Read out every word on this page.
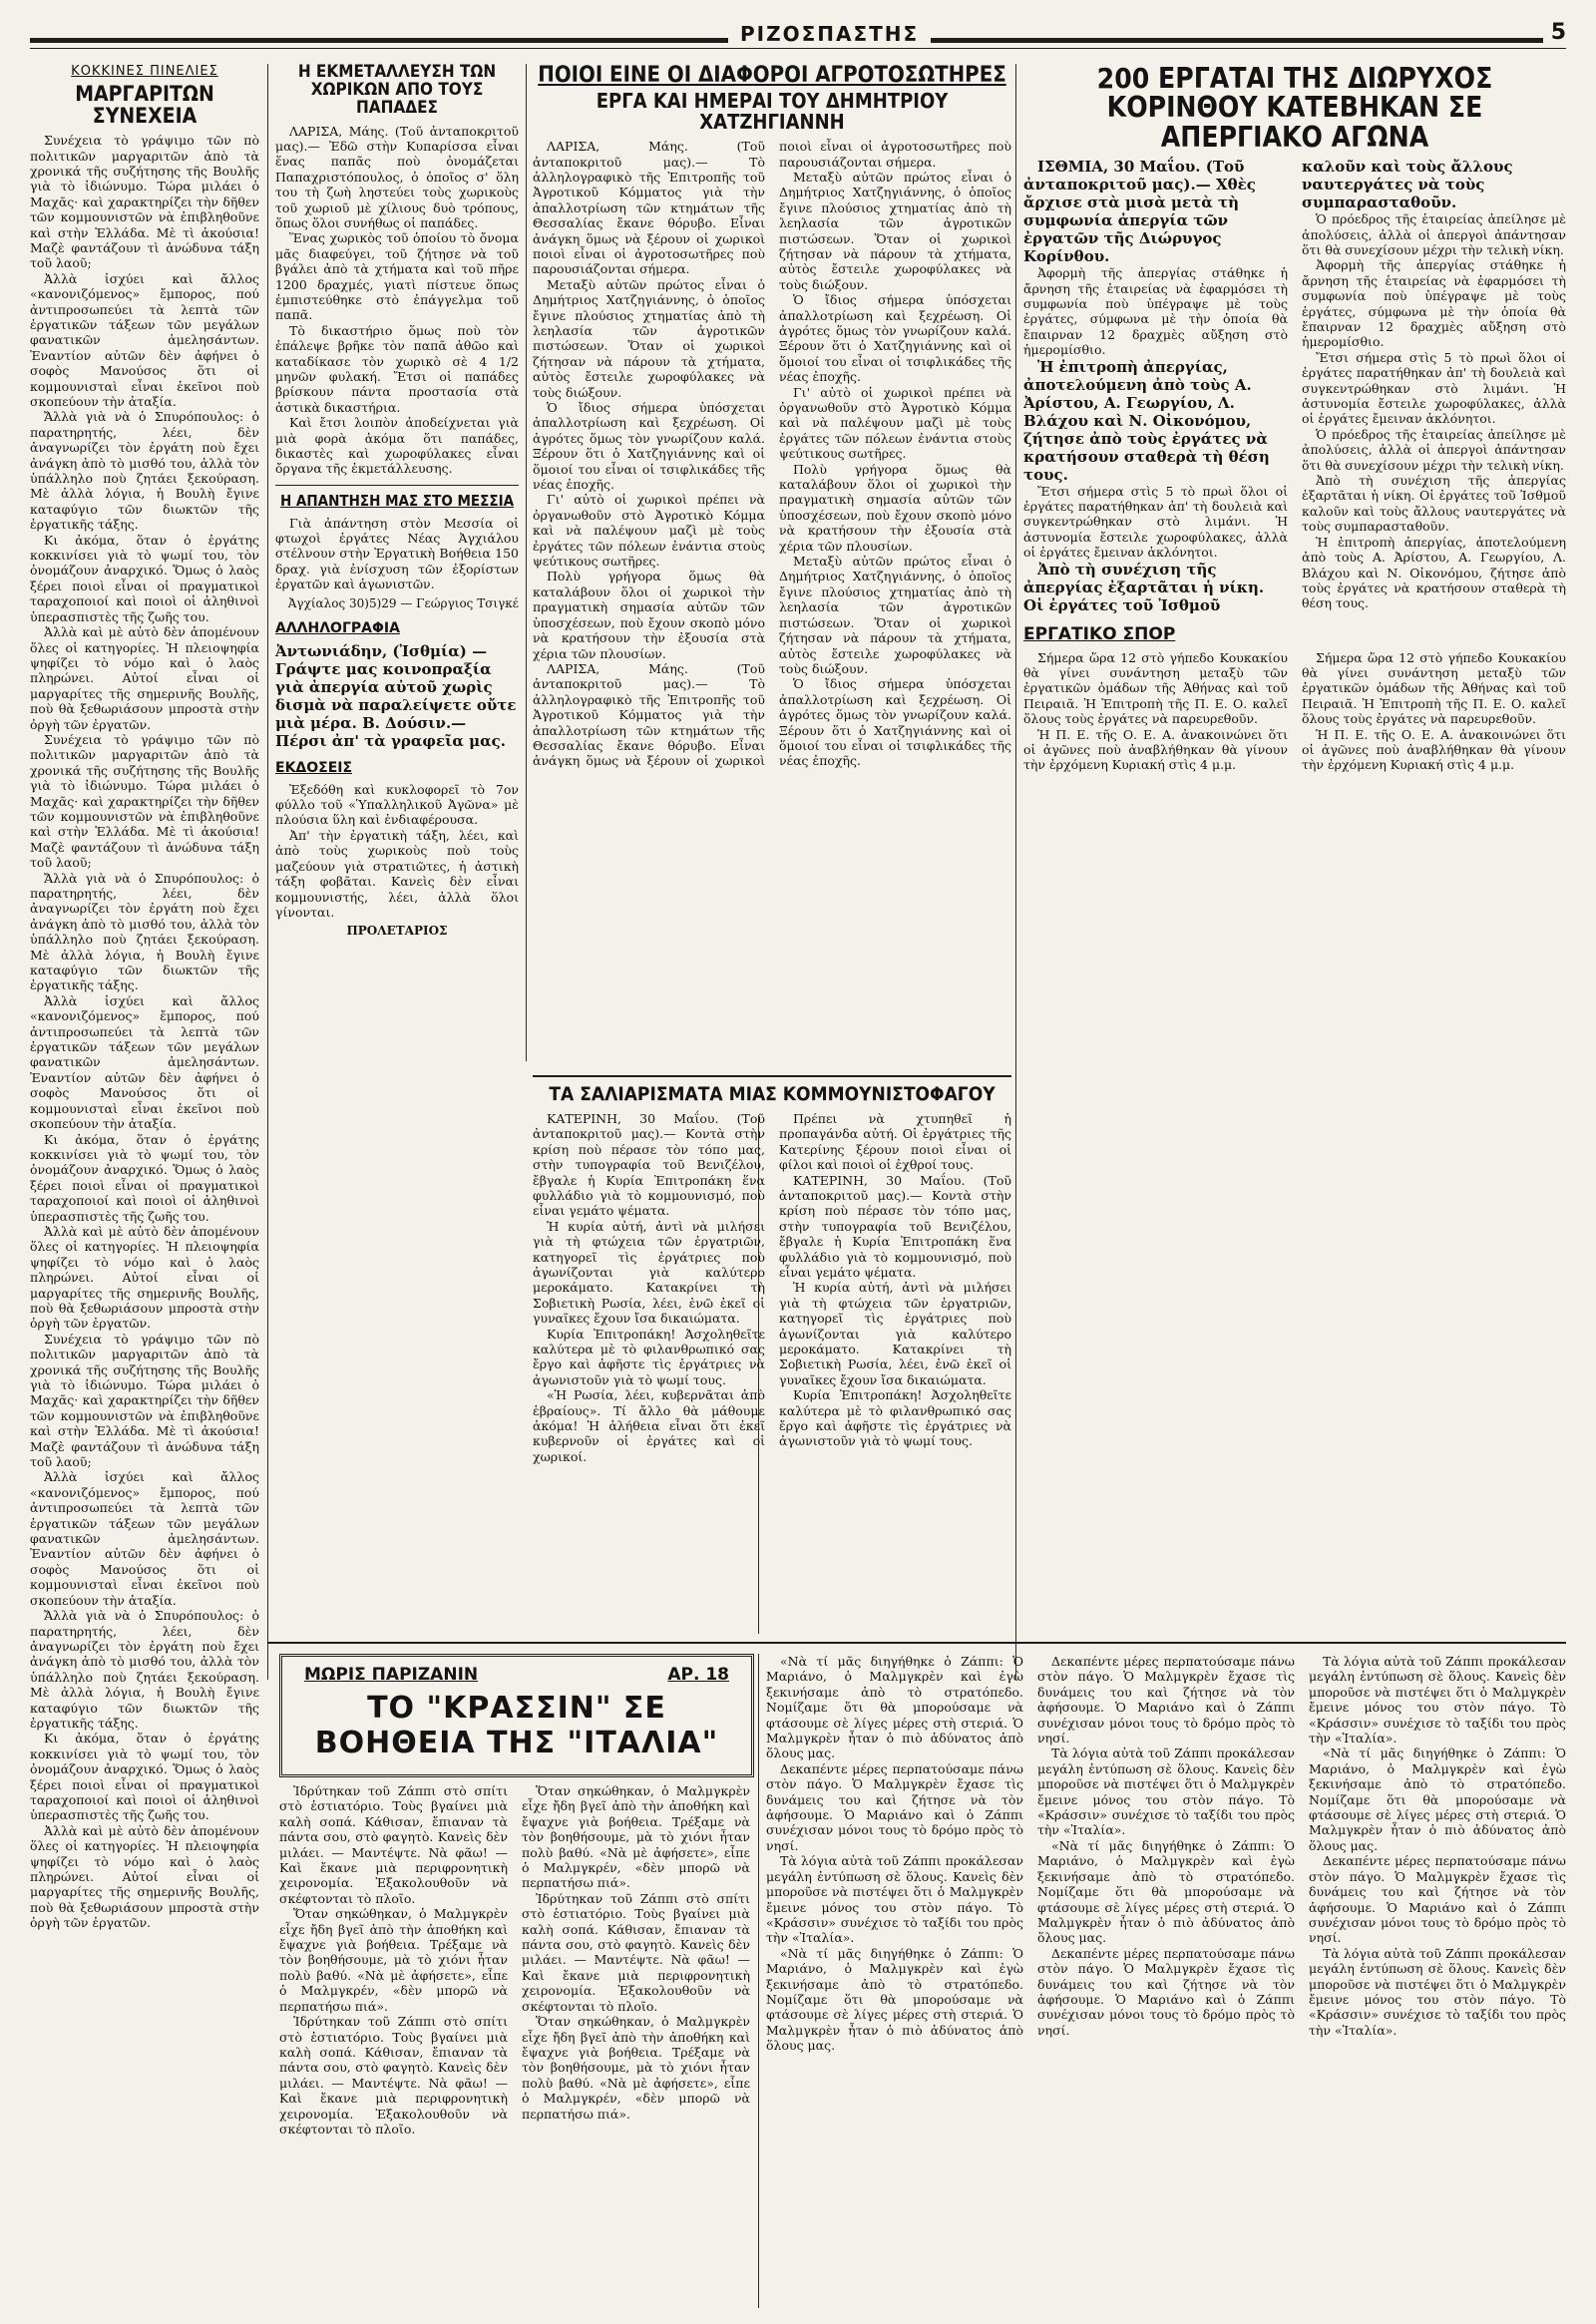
ΡΙΖΟΣΠΑΣΤΗΣ	5
ΚΟΚΚΙΝΕΣ ΠΙΝΕΛΙΕΣ
ΜΑΡΓΑΡΙΤΩΝ ΣΥΝΕΧΕΙΑ

Συνέχεια τὸ γράψιμο τῶν πὸ πολιτικῶν μαργαριτῶν ἀπὸ τὰ χρονικά τῆς συζήτησης τῆς Βουλῆς γιὰ τὸ ἰδιώνυμο. Τώρα μιλάει ὁ Μαχᾶς· καὶ χαρακτηρίζει τὴν δῆθεν τῶν κομμουνιστῶν νὰ ἐπιβληθοῦνε καὶ στὴν Ἑλλάδα. Μὲ τὶ ἀκούσια! Μαζὲ φαντάζουν τὶ ἀνώδυνα τάξη τοῦ λαοῦ;

Ἀλλὰ ἰσχύει καὶ ἄλλος «κανονιζόμενος» ἔμπορος, πού ἀντιπροσωπεύει τὰ λεπτὰ τῶν ἐργατικῶν τάξεων τῶν μεγάλων φανατικῶν ἀμελησάντων. Ἐναντίον αὐτῶν δὲν ἀφήνει ὁ σοφὸς Μανούσος ὅτι οἱ κομμουνισταὶ εἶναι ἐκεῖνοι ποὺ σκοπεύουν τὴν ἀταξία.

Ἄλλὰ γιὰ νὰ ὁ Σπυρόπουλος: ὁ παρατηρητής, λέει, δὲν ἀναγνωρίζει τὸν ἐργάτη ποὺ ἔχει ἀνάγκη ἀπὸ τὸ μισθό του, ἀλλὰ τὸν ὑπάλληλο ποὺ ζητάει ξεκούραση. Μὲ ἀλλὰ λόγια, ἡ Βουλὴ ἔγινε καταφύγιο τῶν διωκτῶν τῆς ἐργατικῆς τάξης.

Κι ἀκόμα, ὅταν ὁ ἐργάτης κοκκινίσει γιὰ τὸ ψωμί του, τὸν ὀνομάζουν ἀναρχικό. Ὅμως ὁ λαὸς ξέρει ποιοὶ εἶναι οἱ πραγματικοὶ ταραχοποιοί καὶ ποιοὶ οἱ ἀληθινοὶ ὑπερασπιστὲς τῆς ζωῆς του.

Ἀλλὰ καὶ μὲ αὐτὸ δὲν ἀπομένουν ὅλες οἱ κατηγορίες. Ἡ πλειοψηφία ψηφίζει τὸ νόμο καὶ ὁ λαὸς πληρώνει. Αὐτοί εἶναι οἱ μαργαρίτες τῆς σημερινῆς Βουλῆς, ποὺ θὰ ξεθωριάσουν μπροστὰ στὴν ὀργὴ τῶν ἐργατῶν.

Συνέχεια τὸ γράψιμο τῶν πὸ πολιτικῶν μαργαριτῶν ἀπὸ τὰ χρονικά τῆς συζήτησης τῆς Βουλῆς γιὰ τὸ ἰδιώνυμο. Τώρα μιλάει ὁ Μαχᾶς· καὶ χαρακτηρίζει τὴν δῆθεν τῶν κομμουνιστῶν νὰ ἐπιβληθοῦνε καὶ στὴν Ἑλλάδα. Μὲ τὶ ἀκούσια! Μαζὲ φαντάζουν τὶ ἀνώδυνα τάξη τοῦ λαοῦ;

Ἄλλὰ γιὰ νὰ ὁ Σπυρόπουλος: ὁ παρατηρητής, λέει, δὲν ἀναγνωρίζει τὸν ἐργάτη ποὺ ἔχει ἀνάγκη ἀπὸ τὸ μισθό του, ἀλλὰ τὸν ὑπάλληλο ποὺ ζητάει ξεκούραση. Μὲ ἀλλὰ λόγια, ἡ Βουλὴ ἔγινε καταφύγιο τῶν διωκτῶν τῆς ἐργατικῆς τάξης.

Ἀλλὰ ἰσχύει καὶ ἄλλος «κανονιζόμενος» ἔμπορος, πού ἀντιπροσωπεύει τὰ λεπτὰ τῶν ἐργατικῶν τάξεων τῶν μεγάλων φανατικῶν ἀμελησάντων. Ἐναντίον αὐτῶν δὲν ἀφήνει ὁ σοφὸς Μανούσος ὅτι οἱ κομμουνισταὶ εἶναι ἐκεῖνοι ποὺ σκοπεύουν τὴν ἀταξία.

Κι ἀκόμα, ὅταν ὁ ἐργάτης κοκκινίσει γιὰ τὸ ψωμί του, τὸν ὀνομάζουν ἀναρχικό. Ὅμως ὁ λαὸς ξέρει ποιοὶ εἶναι οἱ πραγματικοὶ ταραχοποιοί καὶ ποιοὶ οἱ ἀληθινοὶ ὑπερασπιστὲς τῆς ζωῆς του.

Ἀλλὰ καὶ μὲ αὐτὸ δὲν ἀπομένουν ὅλες οἱ κατηγορίες. Ἡ πλειοψηφία ψηφίζει τὸ νόμο καὶ ὁ λαὸς πληρώνει. Αὐτοί εἶναι οἱ μαργαρίτες τῆς σημερινῆς Βουλῆς, ποὺ θὰ ξεθωριάσουν μπροστὰ στὴν ὀργὴ τῶν ἐργατῶν.

Συνέχεια τὸ γράψιμο τῶν πὸ πολιτικῶν μαργαριτῶν ἀπὸ τὰ χρονικά τῆς συζήτησης τῆς Βουλῆς γιὰ τὸ ἰδιώνυμο. Τώρα μιλάει ὁ Μαχᾶς· καὶ χαρακτηρίζει τὴν δῆθεν τῶν κομμουνιστῶν νὰ ἐπιβληθοῦνε καὶ στὴν Ἑλλάδα. Μὲ τὶ ἀκούσια! Μαζὲ φαντάζουν τὶ ἀνώδυνα τάξη τοῦ λαοῦ;

Ἀλλὰ ἰσχύει καὶ ἄλλος «κανονιζόμενος» ἔμπορος, πού ἀντιπροσωπεύει τὰ λεπτὰ τῶν ἐργατικῶν τάξεων τῶν μεγάλων φανατικῶν ἀμελησάντων. Ἐναντίον αὐτῶν δὲν ἀφήνει ὁ σοφὸς Μανούσος ὅτι οἱ κομμουνισταὶ εἶναι ἐκεῖνοι ποὺ σκοπεύουν τὴν ἀταξία.

Ἄλλὰ γιὰ νὰ ὁ Σπυρόπουλος: ὁ παρατηρητής, λέει, δὲν ἀναγνωρίζει τὸν ἐργάτη ποὺ ἔχει ἀνάγκη ἀπὸ τὸ μισθό του, ἀλλὰ τὸν ὑπάλληλο ποὺ ζητάει ξεκούραση. Μὲ ἀλλὰ λόγια, ἡ Βουλὴ ἔγινε καταφύγιο τῶν διωκτῶν τῆς ἐργατικῆς τάξης.

Κι ἀκόμα, ὅταν ὁ ἐργάτης κοκκινίσει γιὰ τὸ ψωμί του, τὸν ὀνομάζουν ἀναρχικό. Ὅμως ὁ λαὸς ξέρει ποιοὶ εἶναι οἱ πραγματικοὶ ταραχοποιοί καὶ ποιοὶ οἱ ἀληθινοὶ ὑπερασπιστὲς τῆς ζωῆς του.

Ἀλλὰ καὶ μὲ αὐτὸ δὲν ἀπομένουν ὅλες οἱ κατηγορίες. Ἡ πλειοψηφία ψηφίζει τὸ νόμο καὶ ὁ λαὸς πληρώνει. Αὐτοί εἶναι οἱ μαργαρίτες τῆς σημερινῆς Βουλῆς, ποὺ θὰ ξεθωριάσουν μπροστὰ στὴν ὀργὴ τῶν ἐργατῶν.

Η ΕΚΜΕΤΑΛΛΕΥΣΗ ΤΩΝ ΧΩΡΙΚΩΝ ΑΠΟ ΤΟΥΣ ΠΑΠΑΔΕΣ

ΛΑΡΙΣΑ, Μάης. (Τοῦ ἀνταποκριτοῦ μας).— Ἐδῶ στὴν Κυπαρίσσα εἶναι ἕνας παπᾶς ποὺ ὀνομάζεται Παπαχριστόπουλος, ὁ ὁποῖος σ' ὅλη του τὴ ζωὴ ληστεύει τοὺς χωρικοὺς τοῦ χωριοῦ μὲ χίλιους δυὸ τρόπους, ὅπως ὅλοι συνήθως οἱ παπάδες.

Ἕνας χωρικὸς τοῦ ὁποίου τὸ ὄνομα μᾶς διαφεύγει, τοῦ ζήτησε νὰ τοῦ βγάλει ἀπὸ τὰ χτήματα καὶ τοῦ πῆρε 1200 δραχμές, γιατὶ πίστευε ὅπως ἐμπιστεύθηκε στὸ ἐπάγγελμα τοῦ παπᾶ.

Τὸ δικαστήριο ὅμως ποὺ τὸν ἐπάλεψε βρῆκε τὸν παπᾶ ἀθῶο καὶ καταδίκασε τὸν χωρικὸ σὲ 4 1/2 μηνῶν φυλακή. Ἔτσι οἱ παπάδες βρίσκουν πάντα προστασία στὰ ἀστικὰ δικαστήρια.

Καὶ ἔτσι λοιπὸν ἀποδείχνεται γιὰ μιὰ φορὰ ἀκόμα ὅτι παπάδες, δικαστὲς καὶ χωροφύλακες εἶναι ὄργανα τῆς ἐκμετάλλευσης.

Η ΑΠΑΝΤΗΣΗ ΜΑΣ ΣΤΟ ΜΕΣΣΙΑ

Γιὰ ἀπάντηση στὸν Μεσσία οἱ φτωχοὶ ἐργάτες Νέας Ἀγχιάλου στέλνουν στὴν Ἐργατικὴ Βοήθεια 150 δραχ. γιὰ ἐνίσχυση τῶν ἐξορίστων ἐργατῶν καὶ ἀγωνιστῶν.

Ἀγχίαλος 30)5)29 — Γεώργιος Τσιγκέ
ΑΛΛΗΛΟΓΡΑΦΙΑ
Ἀντωνιάδην, (Ἰσθμία) — Γράψτε μας κοινοπραξία γιὰ ἀπεργία αὐτοῦ χωρὶς δισμὰ νὰ παραλείψετε οὔτε μιὰ μέρα. Β. Δούσιν.— Πέρσι ἀπ' τὰ γραφεῖα μας.
ΕΚΔΟΣΕΙΣ

Ἐξεδόθη καὶ κυκλοφορεῖ τὸ 7ον φύλλο τοῦ «Ὑπαλληλικοῦ Ἀγῶνα» μὲ πλούσια ὕλη καὶ ἐνδιαφέρουσα.

Ἀπ' τὴν ἐργατικὴ τάξη, λέει, καὶ ἀπὸ τοὺς χωρικοὺς ποὺ τοὺς μαζεύουν γιὰ στρατιῶτες, ἡ ἀστικὴ τάξη φοβᾶται. Κανεὶς δὲν εἶναι κομμουνιστής, λέει, ἀλλὰ ὅλοι γίνονται.

ΠΡΟΛΕΤΑΡΙΟΣ
ΠΟΙΟΙ ΕΙΝΕ ΟΙ ΔΙΑΦΟΡΟΙ ΑΓΡΟΤΟΣΩΤΗΡΕΣ
ΕΡΓΑ ΚΑΙ ΗΜΕΡΑΙ ΤΟΥ ΔΗΜΗΤΡΙΟΥ ΧΑΤΖΗΓΙΑΝΝΗ

ΛΑΡΙΣΑ, Μάης. (Τοῦ ἀνταποκριτοῦ μας).— Τὸ ἀλληλογραφικὸ τῆς Ἐπιτροπῆς τοῦ Ἀγροτικοῦ Κόμματος γιὰ τὴν ἀπαλλοτρίωση τῶν κτημάτων τῆς Θεσσαλίας ἔκανε θόρυβο. Εἶναι ἀνάγκη ὅμως νὰ ξέρουν οἱ χωρικοὶ ποιοὶ εἶναι οἱ ἀγροτοσωτῆρες ποὺ παρουσιάζονται σήμερα.

Μεταξὺ αὐτῶν πρώτος εἶναι ὁ Δημήτριος Χατζηγιάννης, ὁ ὁποῖος ἔγινε πλούσιος χτηματίας ἀπὸ τὴ λεηλασία τῶν ἀγροτικῶν πιστώσεων. Ὅταν οἱ χωρικοὶ ζήτησαν νὰ πάρουν τὰ χτήματα, αὐτὸς ἔστειλε χωροφύλακες νὰ τοὺς διώξουν.

Ὁ ἴδιος σήμερα ὑπόσχεται ἀπαλλοτρίωση καὶ ξεχρέωση. Οἱ ἀγρότες ὅμως τὸν γνωρίζουν καλά. Ξέρουν ὅτι ὁ Χατζηγιάννης καὶ οἱ ὅμοιοί του εἶναι οἱ τσιφλικάδες τῆς νέας ἐποχῆς.

Γι' αὐτὸ οἱ χωρικοὶ πρέπει νὰ ὀργανωθοῦν στὸ Ἀγροτικὸ Κόμμα καὶ νὰ παλέψουν μαζὶ μὲ τοὺς ἐργάτες τῶν πόλεων ἐνάντια στοὺς ψεύτικους σωτῆρες.

Πολὺ γρήγορα ὅμως θὰ καταλάβουν ὅλοι οἱ χωρικοὶ τὴν πραγματικὴ σημασία αὐτῶν τῶν ὑποσχέσεων, ποὺ ἔχουν σκοπὸ μόνο νὰ κρατήσουν τὴν ἐξουσία στὰ χέρια τῶν πλουσίων.

ΛΑΡΙΣΑ, Μάης. (Τοῦ ἀνταποκριτοῦ μας).— Τὸ ἀλληλογραφικὸ τῆς Ἐπιτροπῆς τοῦ Ἀγροτικοῦ Κόμματος γιὰ τὴν ἀπαλλοτρίωση τῶν κτημάτων τῆς Θεσσαλίας ἔκανε θόρυβο. Εἶναι ἀνάγκη ὅμως νὰ ξέρουν οἱ χωρικοὶ ποιοὶ εἶναι οἱ ἀγροτοσωτῆρες ποὺ παρουσιάζονται σήμερα.

Μεταξὺ αὐτῶν πρώτος εἶναι ὁ Δημήτριος Χατζηγιάννης, ὁ ὁποῖος ἔγινε πλούσιος χτηματίας ἀπὸ τὴ λεηλασία τῶν ἀγροτικῶν πιστώσεων. Ὅταν οἱ χωρικοὶ ζήτησαν νὰ πάρουν τὰ χτήματα, αὐτὸς ἔστειλε χωροφύλακες νὰ τοὺς διώξουν.

Ὁ ἴδιος σήμερα ὑπόσχεται ἀπαλλοτρίωση καὶ ξεχρέωση. Οἱ ἀγρότες ὅμως τὸν γνωρίζουν καλά. Ξέρουν ὅτι ὁ Χατζηγιάννης καὶ οἱ ὅμοιοί του εἶναι οἱ τσιφλικάδες τῆς νέας ἐποχῆς.

Γι' αὐτὸ οἱ χωρικοὶ πρέπει νὰ ὀργανωθοῦν στὸ Ἀγροτικὸ Κόμμα καὶ νὰ παλέψουν μαζὶ μὲ τοὺς ἐργάτες τῶν πόλεων ἐνάντια στοὺς ψεύτικους σωτῆρες.

Πολὺ γρήγορα ὅμως θὰ καταλάβουν ὅλοι οἱ χωρικοὶ τὴν πραγματικὴ σημασία αὐτῶν τῶν ὑποσχέσεων, ποὺ ἔχουν σκοπὸ μόνο νὰ κρατήσουν τὴν ἐξουσία στὰ χέρια τῶν πλουσίων.

Μεταξὺ αὐτῶν πρώτος εἶναι ὁ Δημήτριος Χατζηγιάννης, ὁ ὁποῖος ἔγινε πλούσιος χτηματίας ἀπὸ τὴ λεηλασία τῶν ἀγροτικῶν πιστώσεων. Ὅταν οἱ χωρικοὶ ζήτησαν νὰ πάρουν τὰ χτήματα, αὐτὸς ἔστειλε χωροφύλακες νὰ τοὺς διώξουν.

Ὁ ἴδιος σήμερα ὑπόσχεται ἀπαλλοτρίωση καὶ ξεχρέωση. Οἱ ἀγρότες ὅμως τὸν γνωρίζουν καλά. Ξέρουν ὅτι ὁ Χατζηγιάννης καὶ οἱ ὅμοιοί του εἶναι οἱ τσιφλικάδες τῆς νέας ἐποχῆς.

ΤΑ ΣΑΛΙΑΡΙΣΜΑΤΑ ΜΙΑΣ ΚΟΜΜΟΥΝΙΣΤΟΦΑΓΟΥ

ΚΑΤΕΡΙΝΗ, 30 Μαΐου. (Τοῦ ἀνταποκριτοῦ μας).— Κοντὰ στὴν κρίση ποὺ πέρασε τὸν τόπο μας, στὴν τυπογραφία τοῦ Βενιζέλου, ἔβγαλε ἡ Κυρία Ἐπιτροπάκη ἕνα φυλλάδιο γιὰ τὸ κομμουνισμό, ποὺ εἶναι γεμάτο ψέματα.

Ἡ κυρία αὐτή, ἀντὶ νὰ μιλήσει γιὰ τὴ φτώχεια τῶν ἐργατριῶν, κατηγορεῖ τὶς ἐργάτριες ποὺ ἀγωνίζονται γιὰ καλύτερο μεροκάματο. Κατακρίνει τὴ Σοβιετικὴ Ρωσία, λέει, ἐνῶ ἐκεῖ οἱ γυναῖκες ἔχουν ἴσα δικαιώματα.

Κυρία Ἐπιτροπάκη! Ἀσχοληθεῖτε καλύτερα μὲ τὸ φιλανθρωπικό σας ἔργο καὶ ἀφῆστε τὶς ἐργάτριες νὰ ἀγωνιστοῦν γιὰ τὸ ψωμί τους.

«Ἡ Ρωσία, λέει, κυβερνᾶται ἀπὸ ἑβραίους». Τί ἄλλο θὰ μάθουμε ἀκόμα! Ἡ ἀλήθεια εἶναι ὅτι ἐκεῖ κυβερνοῦν οἱ ἐργάτες καὶ οἱ χωρικοί.

Πρέπει νὰ χτυπηθεῖ ἡ προπαγάνδα αὐτή. Οἱ ἐργάτριες τῆς Κατερίνης ξέρουν ποιοὶ εἶναι οἱ φίλοι καὶ ποιοὶ οἱ ἐχθροί τους.

ΚΑΤΕΡΙΝΗ, 30 Μαΐου. (Τοῦ ἀνταποκριτοῦ μας).— Κοντὰ στὴν κρίση ποὺ πέρασε τὸν τόπο μας, στὴν τυπογραφία τοῦ Βενιζέλου, ἔβγαλε ἡ Κυρία Ἐπιτροπάκη ἕνα φυλλάδιο γιὰ τὸ κομμουνισμό, ποὺ εἶναι γεμάτο ψέματα.

Ἡ κυρία αὐτή, ἀντὶ νὰ μιλήσει γιὰ τὴ φτώχεια τῶν ἐργατριῶν, κατηγορεῖ τὶς ἐργάτριες ποὺ ἀγωνίζονται γιὰ καλύτερο μεροκάματο. Κατακρίνει τὴ Σοβιετικὴ Ρωσία, λέει, ἐνῶ ἐκεῖ οἱ γυναῖκες ἔχουν ἴσα δικαιώματα.

Κυρία Ἐπιτροπάκη! Ἀσχοληθεῖτε καλύτερα μὲ τὸ φιλανθρωπικό σας ἔργο καὶ ἀφῆστε τὶς ἐργάτριες νὰ ἀγωνιστοῦν γιὰ τὸ ψωμί τους.

200 ΕΡΓΑΤΑΙ ΤΗΣ ΔΙΩΡΥΧΟΣ ΚΟΡΙΝΘΟΥ ΚΑΤΕΒΗΚΑΝ ΣΕ ΑΠΕΡΓΙΑΚΟ ΑΓΩΝΑ

ΙΣΘΜΙΑ, 30 Μαΐου. (Τοῦ ἀνταποκριτοῦ μας).— Χθὲς ἄρχισε στὰ μισὰ μετὰ τὴ συμφωνία ἀπεργία τῶν ἐργατῶν τῆς Διώρυγος Κορίνθου.

Ἀφορμὴ τῆς ἀπεργίας στάθηκε ἡ ἄρνηση τῆς ἑταιρείας νὰ ἐφαρμόσει τὴ συμφωνία ποὺ ὑπέγραψε μὲ τοὺς ἐργάτες, σύμφωνα μὲ τὴν ὁποία θὰ ἔπαιρναν 12 δραχμὲς αὔξηση στὸ ἡμερομίσθιο.

Ἡ ἐπιτροπὴ ἀπεργίας, ἀποτελούμενη ἀπὸ τοὺς Α. Ἀρίστου, Α. Γεωργίου, Λ. Βλάχου καὶ Ν. Οἰκονόμου, ζήτησε ἀπὸ τοὺς ἐργάτες νὰ κρατήσουν σταθερὰ τὴ θέση τους.

Ἔτσι σήμερα στὶς 5 τὸ πρωὶ ὅλοι οἱ ἐργάτες παρατήθηκαν ἀπ' τὴ δουλειὰ καὶ συγκεντρώθηκαν στὸ λιμάνι. Ἡ ἀστυνομία ἔστειλε χωροφύλακες, ἀλλὰ οἱ ἐργάτες ἔμειναν ἀκλόνητοι.

Ἀπὸ τὴ συνέχιση τῆς ἀπεργίας ἐξαρτᾶται ἡ νίκη. Οἱ ἐργάτες τοῦ Ἰσθμοῦ καλοῦν καὶ τοὺς ἄλλους ναυτεργάτες νὰ τοὺς συμπαρασταθοῦν.

Ὁ πρόεδρος τῆς ἑταιρείας ἀπείλησε μὲ ἀπολύσεις, ἀλλὰ οἱ ἀπεργοὶ ἀπάντησαν ὅτι θὰ συνεχίσουν μέχρι τὴν τελικὴ νίκη.

Ἀφορμὴ τῆς ἀπεργίας στάθηκε ἡ ἄρνηση τῆς ἑταιρείας νὰ ἐφαρμόσει τὴ συμφωνία ποὺ ὑπέγραψε μὲ τοὺς ἐργάτες, σύμφωνα μὲ τὴν ὁποία θὰ ἔπαιρναν 12 δραχμὲς αὔξηση στὸ ἡμερομίσθιο.

Ἔτσι σήμερα στὶς 5 τὸ πρωὶ ὅλοι οἱ ἐργάτες παρατήθηκαν ἀπ' τὴ δουλειὰ καὶ συγκεντρώθηκαν στὸ λιμάνι. Ἡ ἀστυνομία ἔστειλε χωροφύλακες, ἀλλὰ οἱ ἐργάτες ἔμειναν ἀκλόνητοι.

Ὁ πρόεδρος τῆς ἑταιρείας ἀπείλησε μὲ ἀπολύσεις, ἀλλὰ οἱ ἀπεργοὶ ἀπάντησαν ὅτι θὰ συνεχίσουν μέχρι τὴν τελικὴ νίκη.

Ἀπὸ τὴ συνέχιση τῆς ἀπεργίας ἐξαρτᾶται ἡ νίκη. Οἱ ἐργάτες τοῦ Ἰσθμοῦ καλοῦν καὶ τοὺς ἄλλους ναυτεργάτες νὰ τοὺς συμπαρασταθοῦν.

Ἡ ἐπιτροπὴ ἀπεργίας, ἀποτελούμενη ἀπὸ τοὺς Α. Ἀρίστου, Α. Γεωργίου, Λ. Βλάχου καὶ Ν. Οἰκονόμου, ζήτησε ἀπὸ τοὺς ἐργάτες νὰ κρατήσουν σταθερὰ τὴ θέση τους.

ΕΡΓΑΤΙΚΟ ΣΠΟΡ

Σήμερα ὥρα 12 στὸ γήπεδο Κουκακίου θὰ γίνει συνάντηση μεταξὺ τῶν ἐργατικῶν ὁμάδων τῆς Ἀθήνας καὶ τοῦ Πειραιᾶ. Ἡ Ἐπιτροπὴ τῆς Π. Ε. Ο. καλεῖ ὅλους τοὺς ἐργάτες νὰ παρευρεθοῦν.

Ἡ Π. Ε. τῆς Ο. Ε. Α. ἀνακοινώνει ὅτι οἱ ἀγῶνες ποὺ ἀναβλήθηκαν θὰ γίνουν τὴν ἐρχόμενη Κυριακή στὶς 4 μ.μ.

Σήμερα ὥρα 12 στὸ γήπεδο Κουκακίου θὰ γίνει συνάντηση μεταξὺ τῶν ἐργατικῶν ὁμάδων τῆς Ἀθήνας καὶ τοῦ Πειραιᾶ. Ἡ Ἐπιτροπὴ τῆς Π. Ε. Ο. καλεῖ ὅλους τοὺς ἐργάτες νὰ παρευρεθοῦν.

Ἡ Π. Ε. τῆς Ο. Ε. Α. ἀνακοινώνει ὅτι οἱ ἀγῶνες ποὺ ἀναβλήθηκαν θὰ γίνουν τὴν ἐρχόμενη Κυριακή στὶς 4 μ.μ.

ΜΩΡΙΣ ΠΑΡΙΖΑΝΙΝ	ΑΡ. 18
ΤΟ "ΚΡΑΣΣΙΝ" ΣΕ ΒΟΗΘΕΙΑ ΤΗΣ "ΙΤΑΛΙΑ"

Ἰδρύτηκαν τοῦ Ζάππι στὸ σπίτι στὸ ἑστιατόριο. Τοὺς βγαίνει μιὰ καλὴ σοπά. Κάθισαν, ἔπιαναν τὰ πάντα σου, στὸ φαγητὸ. Κανεὶς δὲν μιλάει. — Μαντέψτε. Νὰ φᾶω! — Καὶ ἔκανε μιὰ περιφρονητικὴ χειρονομία. Ἐξακολουθοῦν νὰ σκέφτονται τὸ πλοῖο.

Ὅταν σηκώθηκαν, ὁ Μαλμγκρὲν εἶχε ἤδη βγεῖ ἀπὸ τὴν ἀποθήκη καὶ ἔψαχνε γιὰ βοήθεια. Τρέξαμε νὰ τὸν βοηθήσουμε, μὰ τὸ χιόνι ἦταν πολὺ βαθύ. «Νὰ μὲ ἀφήσετε», εἶπε ὁ Μαλμγκρέν, «δὲν μπορῶ νὰ περπατήσω πιά».

Ἰδρύτηκαν τοῦ Ζάππι στὸ σπίτι στὸ ἑστιατόριο. Τοὺς βγαίνει μιὰ καλὴ σοπά. Κάθισαν, ἔπιαναν τὰ πάντα σου, στὸ φαγητὸ. Κανεὶς δὲν μιλάει. — Μαντέψτε. Νὰ φᾶω! — Καὶ ἔκανε μιὰ περιφρονητικὴ χειρονομία. Ἐξακολουθοῦν νὰ σκέφτονται τὸ πλοῖο.

Ὅταν σηκώθηκαν, ὁ Μαλμγκρὲν εἶχε ἤδη βγεῖ ἀπὸ τὴν ἀποθήκη καὶ ἔψαχνε γιὰ βοήθεια. Τρέξαμε νὰ τὸν βοηθήσουμε, μὰ τὸ χιόνι ἦταν πολὺ βαθύ. «Νὰ μὲ ἀφήσετε», εἶπε ὁ Μαλμγκρέν, «δὲν μπορῶ νὰ περπατήσω πιά».

Ἰδρύτηκαν τοῦ Ζάππι στὸ σπίτι στὸ ἑστιατόριο. Τοὺς βγαίνει μιὰ καλὴ σοπά. Κάθισαν, ἔπιαναν τὰ πάντα σου, στὸ φαγητὸ. Κανεὶς δὲν μιλάει. — Μαντέψτε. Νὰ φᾶω! — Καὶ ἔκανε μιὰ περιφρονητικὴ χειρονομία. Ἐξακολουθοῦν νὰ σκέφτονται τὸ πλοῖο.

Ὅταν σηκώθηκαν, ὁ Μαλμγκρὲν εἶχε ἤδη βγεῖ ἀπὸ τὴν ἀποθήκη καὶ ἔψαχνε γιὰ βοήθεια. Τρέξαμε νὰ τὸν βοηθήσουμε, μὰ τὸ χιόνι ἦταν πολὺ βαθύ. «Νὰ μὲ ἀφήσετε», εἶπε ὁ Μαλμγκρέν, «δὲν μπορῶ νὰ περπατήσω πιά».

«Νὰ τί μᾶς διηγήθηκε ὁ Ζάππι: Ὁ Μαριάνο, ὁ Μαλμγκρὲν καὶ ἐγὼ ξεκινήσαμε ἀπὸ τὸ στρατόπεδο. Νομίζαμε ὅτι θὰ μπορούσαμε νὰ φτάσουμε σὲ λίγες μέρες στὴ στεριά. Ὁ Μαλμγκρὲν ἦταν ὁ πιὸ ἀδύνατος ἀπὸ ὅλους μας.

Δεκαπέντε μέρες περπατούσαμε πάνω στὸν πάγο. Ὁ Μαλμγκρὲν ἔχασε τὶς δυνάμεις του καὶ ζήτησε νὰ τὸν ἀφήσουμε. Ὁ Μαριάνο καὶ ὁ Ζάππι συνέχισαν μόνοι τους τὸ δρόμο πρὸς τὸ νησί.

Τὰ λόγια αὐτὰ τοῦ Ζάππι προκάλεσαν μεγάλη ἐντύπωση σὲ ὅλους. Κανεὶς δὲν μποροῦσε νὰ πιστέψει ὅτι ὁ Μαλμγκρὲν ἔμεινε μόνος του στὸν πάγο. Τὸ «Κράσσιν» συνέχισε τὸ ταξίδι του πρὸς τὴν «Ἰταλία».

«Νὰ τί μᾶς διηγήθηκε ὁ Ζάππι: Ὁ Μαριάνο, ὁ Μαλμγκρὲν καὶ ἐγὼ ξεκινήσαμε ἀπὸ τὸ στρατόπεδο. Νομίζαμε ὅτι θὰ μπορούσαμε νὰ φτάσουμε σὲ λίγες μέρες στὴ στεριά. Ὁ Μαλμγκρὲν ἦταν ὁ πιὸ ἀδύνατος ἀπὸ ὅλους μας.

Δεκαπέντε μέρες περπατούσαμε πάνω στὸν πάγο. Ὁ Μαλμγκρὲν ἔχασε τὶς δυνάμεις του καὶ ζήτησε νὰ τὸν ἀφήσουμε. Ὁ Μαριάνο καὶ ὁ Ζάππι συνέχισαν μόνοι τους τὸ δρόμο πρὸς τὸ νησί.

Τὰ λόγια αὐτὰ τοῦ Ζάππι προκάλεσαν μεγάλη ἐντύπωση σὲ ὅλους. Κανεὶς δὲν μποροῦσε νὰ πιστέψει ὅτι ὁ Μαλμγκρὲν ἔμεινε μόνος του στὸν πάγο. Τὸ «Κράσσιν» συνέχισε τὸ ταξίδι του πρὸς τὴν «Ἰταλία».

«Νὰ τί μᾶς διηγήθηκε ὁ Ζάππι: Ὁ Μαριάνο, ὁ Μαλμγκρὲν καὶ ἐγὼ ξεκινήσαμε ἀπὸ τὸ στρατόπεδο. Νομίζαμε ὅτι θὰ μπορούσαμε νὰ φτάσουμε σὲ λίγες μέρες στὴ στεριά. Ὁ Μαλμγκρὲν ἦταν ὁ πιὸ ἀδύνατος ἀπὸ ὅλους μας.

Δεκαπέντε μέρες περπατούσαμε πάνω στὸν πάγο. Ὁ Μαλμγκρὲν ἔχασε τὶς δυνάμεις του καὶ ζήτησε νὰ τὸν ἀφήσουμε. Ὁ Μαριάνο καὶ ὁ Ζάππι συνέχισαν μόνοι τους τὸ δρόμο πρὸς τὸ νησί.

Τὰ λόγια αὐτὰ τοῦ Ζάππι προκάλεσαν μεγάλη ἐντύπωση σὲ ὅλους. Κανεὶς δὲν μποροῦσε νὰ πιστέψει ὅτι ὁ Μαλμγκρὲν ἔμεινε μόνος του στὸν πάγο. Τὸ «Κράσσιν» συνέχισε τὸ ταξίδι του πρὸς τὴν «Ἰταλία».

«Νὰ τί μᾶς διηγήθηκε ὁ Ζάππι: Ὁ Μαριάνο, ὁ Μαλμγκρὲν καὶ ἐγὼ ξεκινήσαμε ἀπὸ τὸ στρατόπεδο. Νομίζαμε ὅτι θὰ μπορούσαμε νὰ φτάσουμε σὲ λίγες μέρες στὴ στεριά. Ὁ Μαλμγκρὲν ἦταν ὁ πιὸ ἀδύνατος ἀπὸ ὅλους μας.

Δεκαπέντε μέρες περπατούσαμε πάνω στὸν πάγο. Ὁ Μαλμγκρὲν ἔχασε τὶς δυνάμεις του καὶ ζήτησε νὰ τὸν ἀφήσουμε. Ὁ Μαριάνο καὶ ὁ Ζάππι συνέχισαν μόνοι τους τὸ δρόμο πρὸς τὸ νησί.

Τὰ λόγια αὐτὰ τοῦ Ζάππι προκάλεσαν μεγάλη ἐντύπωση σὲ ὅλους. Κανεὶς δὲν μποροῦσε νὰ πιστέψει ὅτι ὁ Μαλμγκρὲν ἔμεινε μόνος του στὸν πάγο. Τὸ «Κράσσιν» συνέχισε τὸ ταξίδι του πρὸς τὴν «Ἰταλία».
